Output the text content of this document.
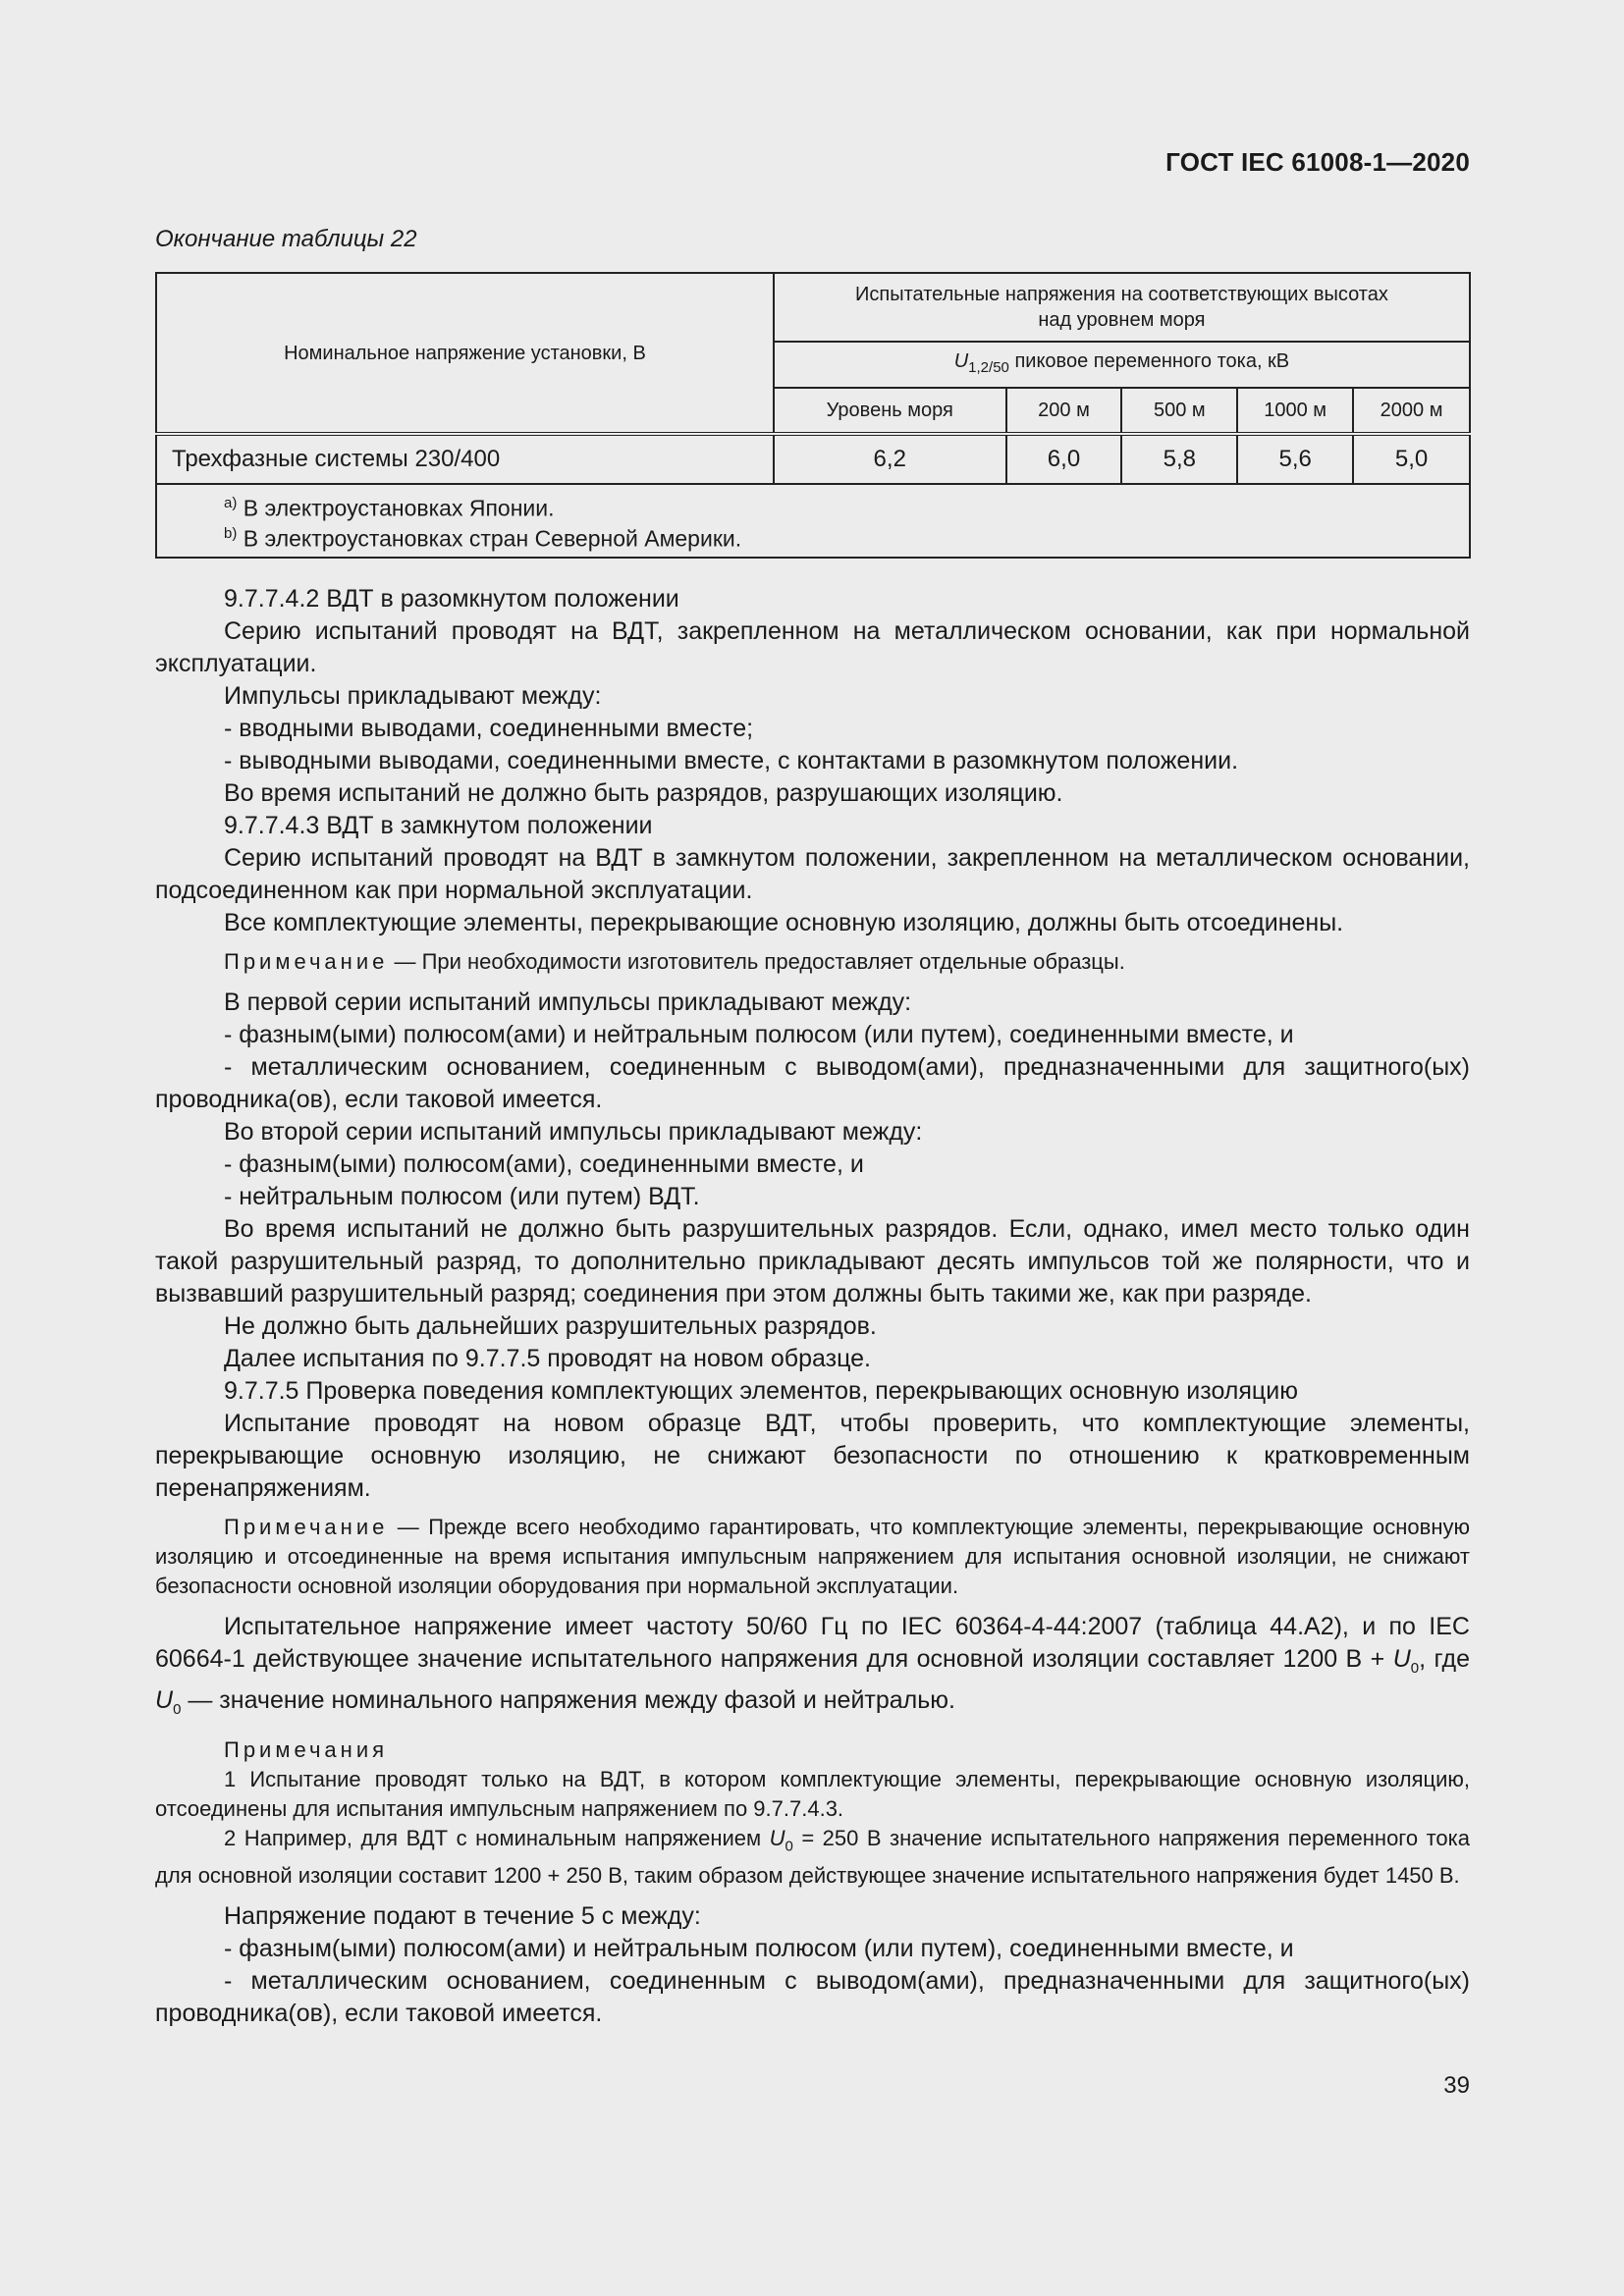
ГОСТ IEC 61008-1—2020
Окончание таблицы 22
Номинальное напряжение установки, В	Испытательные напряжения на соответствующих высотах над уровнем моря				
	$U_{1,2/50}$ пиковое переменного тока, кВ				
	Уровень моря	200 м	500 м	1000 м	2000 м
Трехфазные системы 230/400	6,2	6,0	5,8	5,6	5,0

$^{a)}$ В электроустановках Японии.
$^{b)}$ В электроустановках стран Северной Америки.					

9.7.7.4.2 ВДТ в разомкнутом положении

Серию испытаний проводят на ВДТ, закрепленном на металлическом основании, как при нормальной эксплуатации.

Импульсы прикладывают между:

- вводными выводами, соединенными вместе;

- выводными выводами, соединенными вместе, с контактами в разомкнутом положении.

Во время испытаний не должно быть разрядов, разрушающих изоляцию.

9.7.7.4.3 ВДТ в замкнутом положении

Серию испытаний проводят на ВДТ в замкнутом положении, закрепленном на металлическом основании, подсоединенном как при нормальной эксплуатации.

Все комплектующие элементы, перекрывающие основную изоляцию, должны быть отсоединены.

Примечание — При необходимости изготовитель предоставляет отдельные образцы.

В первой серии испытаний импульсы прикладывают между:

- фазным(ыми) полюсом(ами) и нейтральным полюсом (или путем), соединенными вместе, и

- металлическим основанием, соединенным с выводом(ами), предназначенными для защитного(ых) проводника(ов), если таковой имеется.

Во второй серии испытаний импульсы прикладывают между:

- фазным(ыми) полюсом(ами), соединенными вместе, и

- нейтральным полюсом (или путем) ВДТ.

Во время испытаний не должно быть разрушительных разрядов. Если, однако, имел место только один такой разрушительный разряд, то дополнительно прикладывают десять импульсов той же полярности, что и вызвавший разрушительный разряд; соединения при этом должны быть такими же, как при разряде.

Не должно быть дальнейших разрушительных разрядов.

Далее испытания по 9.7.7.5 проводят на новом образце.

9.7.7.5 Проверка поведения комплектующих элементов, перекрывающих основную изоляцию

Испытание проводят на новом образце ВДТ, чтобы проверить, что комплектующие элементы, перекрывающие основную изоляцию, не снижают безопасности по отношению к кратковременным перенапряжениям.

Примечание — Прежде всего необходимо гарантировать, что комплектующие элементы, перекрывающие основную изоляцию и отсоединенные на время испытания импульсным напряжением для испытания основной изоляции, не снижают безопасности основной изоляции оборудования при нормальной эксплуатации.

Испытательное напряжение имеет частоту 50/60 Гц по IEC 60364-4-44:2007 (таблица 44.А2), и по IEC 60664-1 действующее значение испытательного напряжения для основной изоляции составляет 1200 $В + U_0$, где $U_0$ — значение номинального напряжения между фазой и нейтралью.

Примечания

1 Испытание проводят только на ВДТ, в котором комплектующие элементы, перекрывающие основную изоляцию, отсоединены для испытания импульсным напряжением по 9.7.7.4.3.

2 Например, для ВДТ с номинальным напряжением $U_0 = 250$ В значение испытательного напряжения переменного тока для основной изоляции составит 1200 + 250 В, таким образом действующее значение испытательного напряжения будет 1450 В.

Напряжение подают в течение 5 с между:

- фазным(ыми) полюсом(ами) и нейтральным полюсом (или путем), соединенными вместе, и

- металлическим основанием, соединенным с выводом(ами), предназначенными для защитного(ых) проводника(ов), если таковой имеется.

39
